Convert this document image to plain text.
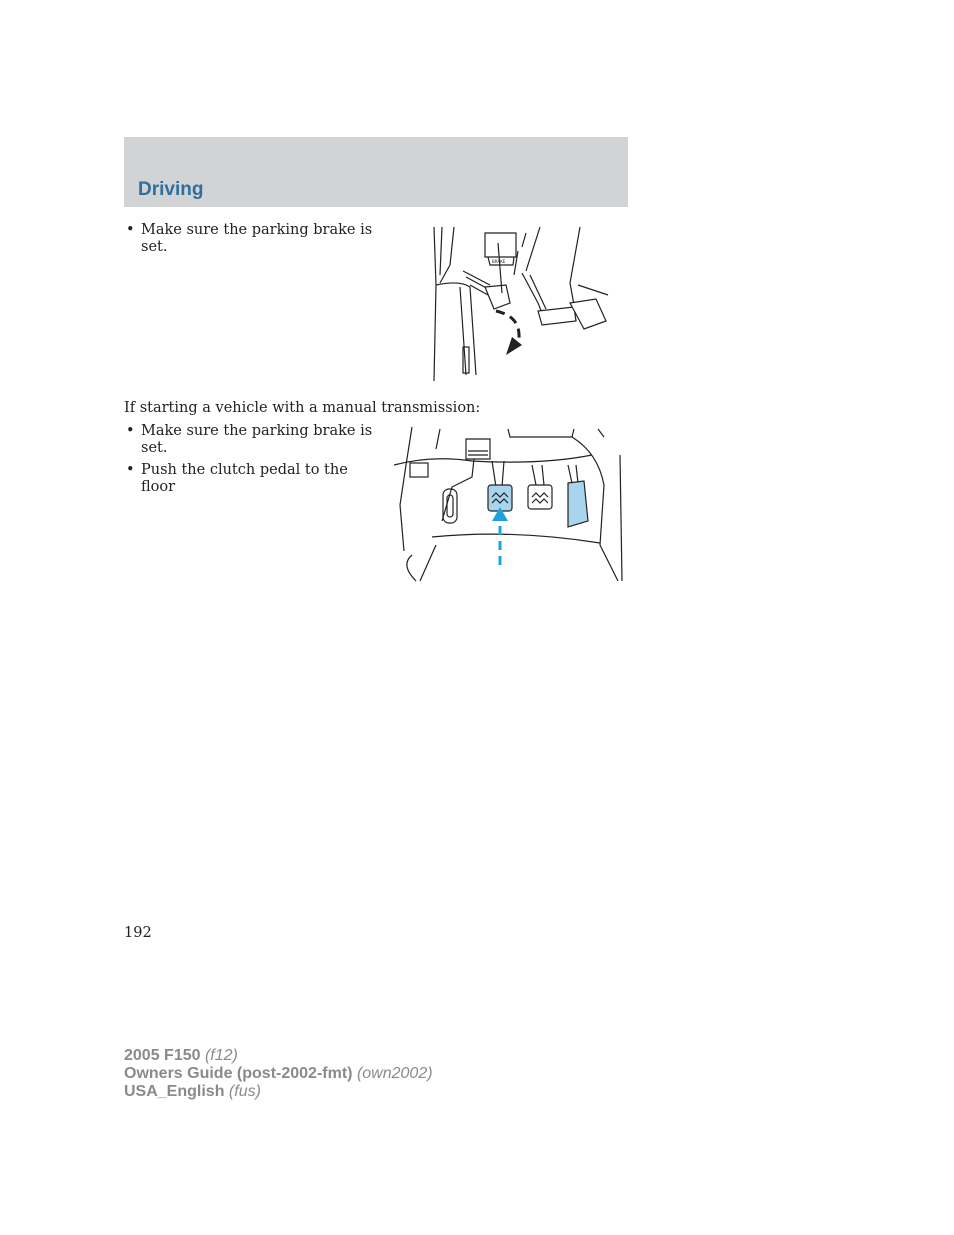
Driving
• Make sure the parking brake is set.
BRAKE
If starting a vehicle with a manual transmission:
• Make sure the parking brake is set.
• Push the clutch pedal to the floor
192
2005 F150 (f12)
Owners Guide (post-2002-fmt) (own2002)
USA_English (fus)
